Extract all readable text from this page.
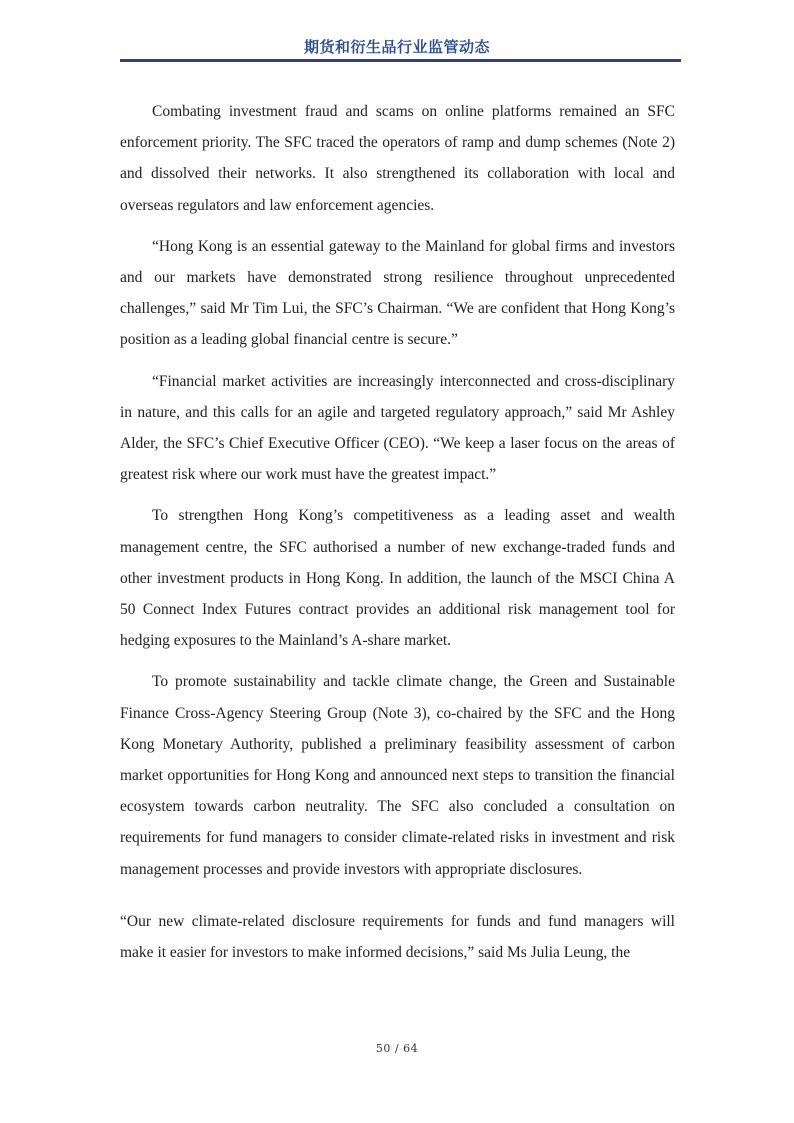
期货和衍生品行业监管动态

Combating investment fraud and scams on online platforms remained an SFC enforcement priority. The SFC traced the operators of ramp and dump schemes (Note 2) and dissolved their networks. It also strengthened its collaboration with local and overseas regulators and law enforcement agencies.

“Hong Kong is an essential gateway to the Mainland for global firms and investors and our markets have demonstrated strong resilience throughout unprecedented challenges,” said Mr Tim Lui, the SFC’s Chairman. “We are confident that Hong Kong’s position as a leading global financial centre is secure.”

“Financial market activities are increasingly interconnected and cross-disciplinary in nature, and this calls for an agile and targeted regulatory approach,” said Mr Ashley Alder, the SFC’s Chief Executive Officer (CEO). “We keep a laser focus on the areas of greatest risk where our work must have the greatest impact.”

To strengthen Hong Kong’s competitiveness as a leading asset and wealth management centre, the SFC authorised a number of new exchange-traded funds and other investment products in Hong Kong. In addition, the launch of the MSCI China A 50 Connect Index Futures contract provides an additional risk management tool for hedging exposures to the Mainland’s A-share market.

To promote sustainability and tackle climate change, the Green and Sustainable Finance Cross-Agency Steering Group (Note 3), co-chaired by the SFC and the Hong Kong Monetary Authority, published a preliminary feasibility assessment of carbon market opportunities for Hong Kong and announced next steps to transition the financial ecosystem towards carbon neutrality. The SFC also concluded a consultation on requirements for fund managers to consider climate-related risks in investment and risk management processes and provide investors with appropriate disclosures.

“Our new climate-related disclosure requirements for funds and fund managers will make it easier for investors to make informed decisions,” said Ms Julia Leung, the

50 / 64
